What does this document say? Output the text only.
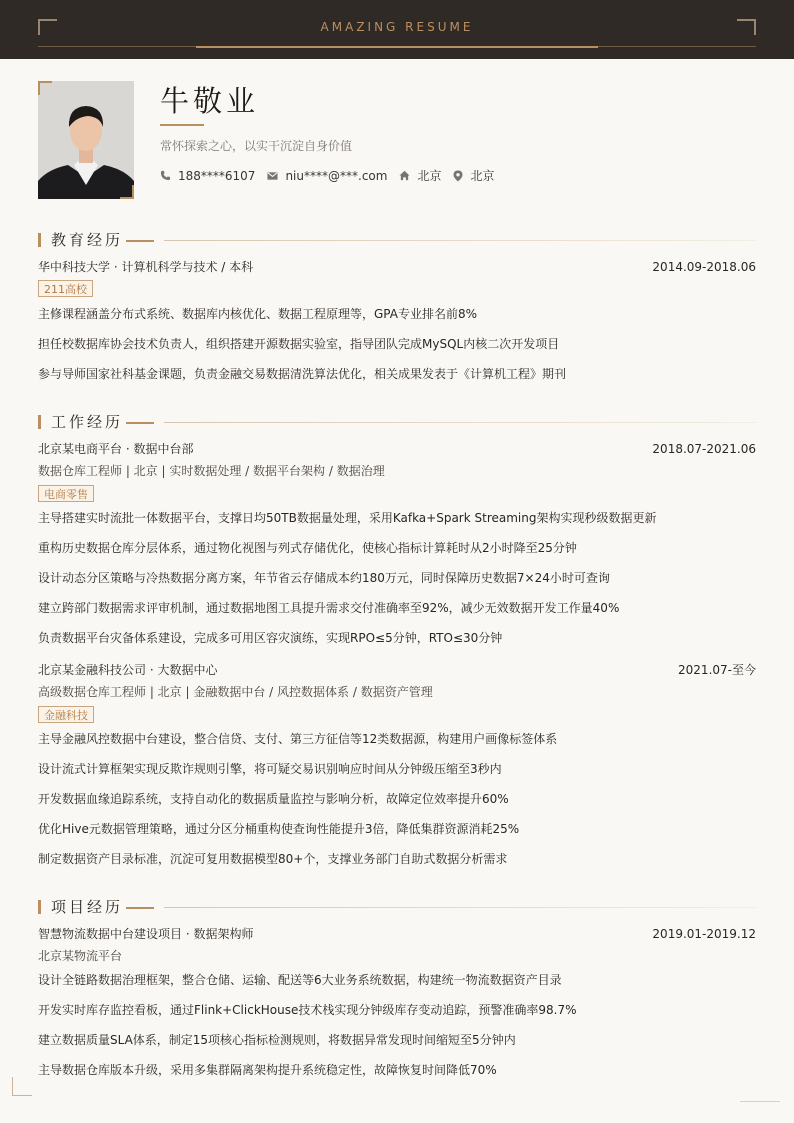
AMAZING RESUME
牛敬业
常怀探索之心，以实干沉淀自身价值
188****6107	niu****@***.com	北京 北京
教育经历
华中科技大学 · 计算机科学与技术 / 本科	2014.09-2018.06
211高校
主修课程涵盖分布式系统、数据库内核优化、数据工程原理等，GPA专业排名前8%
担任校数据库协会技术负责人，组织搭建开源数据实验室，指导团队完成MySQL内核二次开发项目
参与导师国家社科基金课题，负责金融交易数据清洗算法优化，相关成果发表于《计算机工程》期刊
工作经历
北京某电商平台 · 数据中台部	2018.07-2021.06
数据仓库工程师 | 北京 | 实时数据处理 / 数据平台架构 / 数据治理
电商零售
主导搭建实时流批一体数据平台，支撑日均50TB数据量处理，采用Kafka+Spark Streaming架构实现秒级数据更新
重构历史数据仓库分层体系，通过物化视图与列式存储优化，使核心指标计算耗时从2小时降至25分钟
设计动态分区策略与冷热数据分离方案，年节省云存储成本约180万元，同时保障历史数据7×24小时可查询
建立跨部门数据需求评审机制，通过数据地图工具提升需求交付准确率至92%，减少无效数据开发工作量40%
负责数据平台灾备体系建设，完成多可用区容灾演练，实现RPO≤5分钟，RTO≤30分钟
北京某金融科技公司 · 大数据中心	2021.07-至今
高级数据仓库工程师 | 北京 | 金融数据中台 / 风控数据体系 / 数据资产管理
金融科技
主导金融风控数据中台建设，整合信贷、支付、第三方征信等12类数据源，构建用户画像标签体系
设计流式计算框架实现反欺诈规则引擎，将可疑交易识别响应时间从分钟级压缩至3秒内
开发数据血缘追踪系统，支持自动化的数据质量监控与影响分析，故障定位效率提升60%
优化Hive元数据管理策略，通过分区分桶重构使查询性能提升3倍，降低集群资源消耗25%
制定数据资产目录标准，沉淀可复用数据模型80+个，支撑业务部门自助式数据分析需求
项目经历
智慧物流数据中台建设项目 · 数据架构师	2019.01-2019.12
北京某物流平台
设计全链路数据治理框架，整合仓储、运输、配送等6大业务系统数据，构建统一物流数据资产目录
开发实时库存监控看板，通过Flink+ClickHouse技术栈实现分钟级库存变动追踪，预警准确率98.7%
建立数据质量SLA体系，制定15项核心指标检测规则，将数据异常发现时间缩短至5分钟内
主导数据仓库版本升级，采用多集群隔离架构提升系统稳定性，故障恢复时间降低70%
